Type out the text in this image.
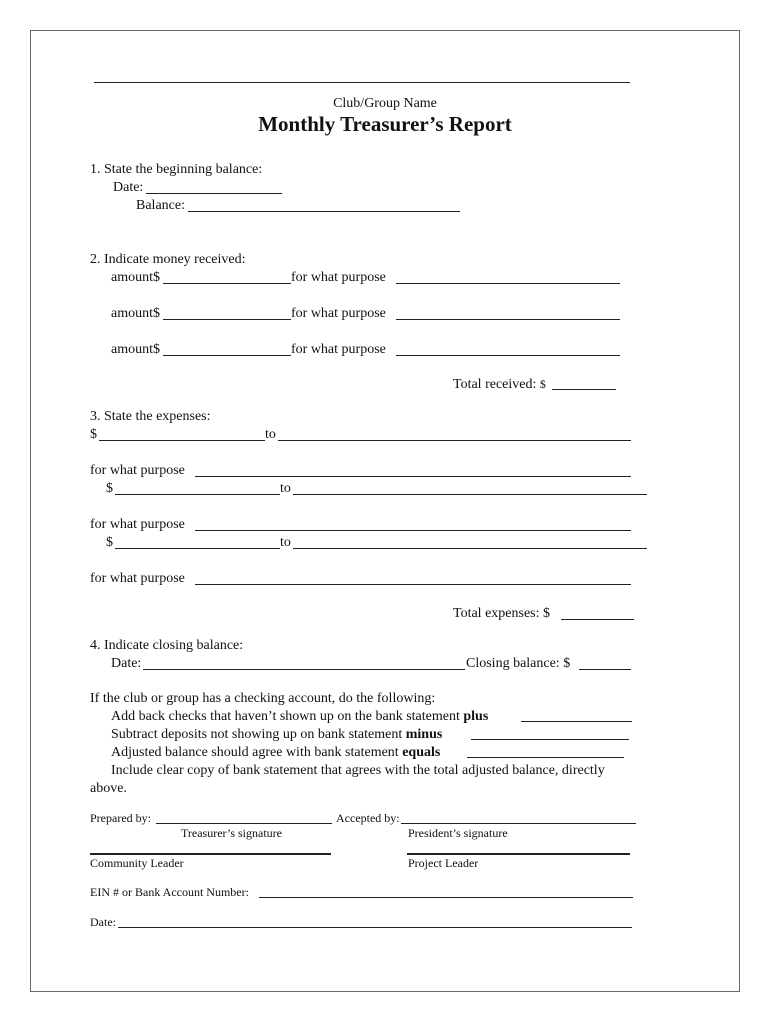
Club/Group Name
Monthly Treasurer’s Report
1. State the beginning balance:
Date:
Balance:
2. Indicate money received:
amount$	for what purpose
amount$	for what purpose
amount$	for what purpose
Total received: $
3. State the expenses:
$	to
for what purpose
$	to
for what purpose
$	to
for what purpose
Total expenses: $
4. Indicate closing balance:
Date:	Closing balance: $
If the club or group has a checking account, do the following:
Add back checks that haven’t shown up on the bank statement plus
Subtract deposits not showing up on bank statement minus
Adjusted balance should agree with bank statement equals
Include clear copy of bank statement that agrees with the total adjusted balance, directly
above.
Prepared by:	Accepted by:
Treasurer’s signature	President’s signature
Community Leader	Project Leader
EIN # or Bank Account Number:
Date:
